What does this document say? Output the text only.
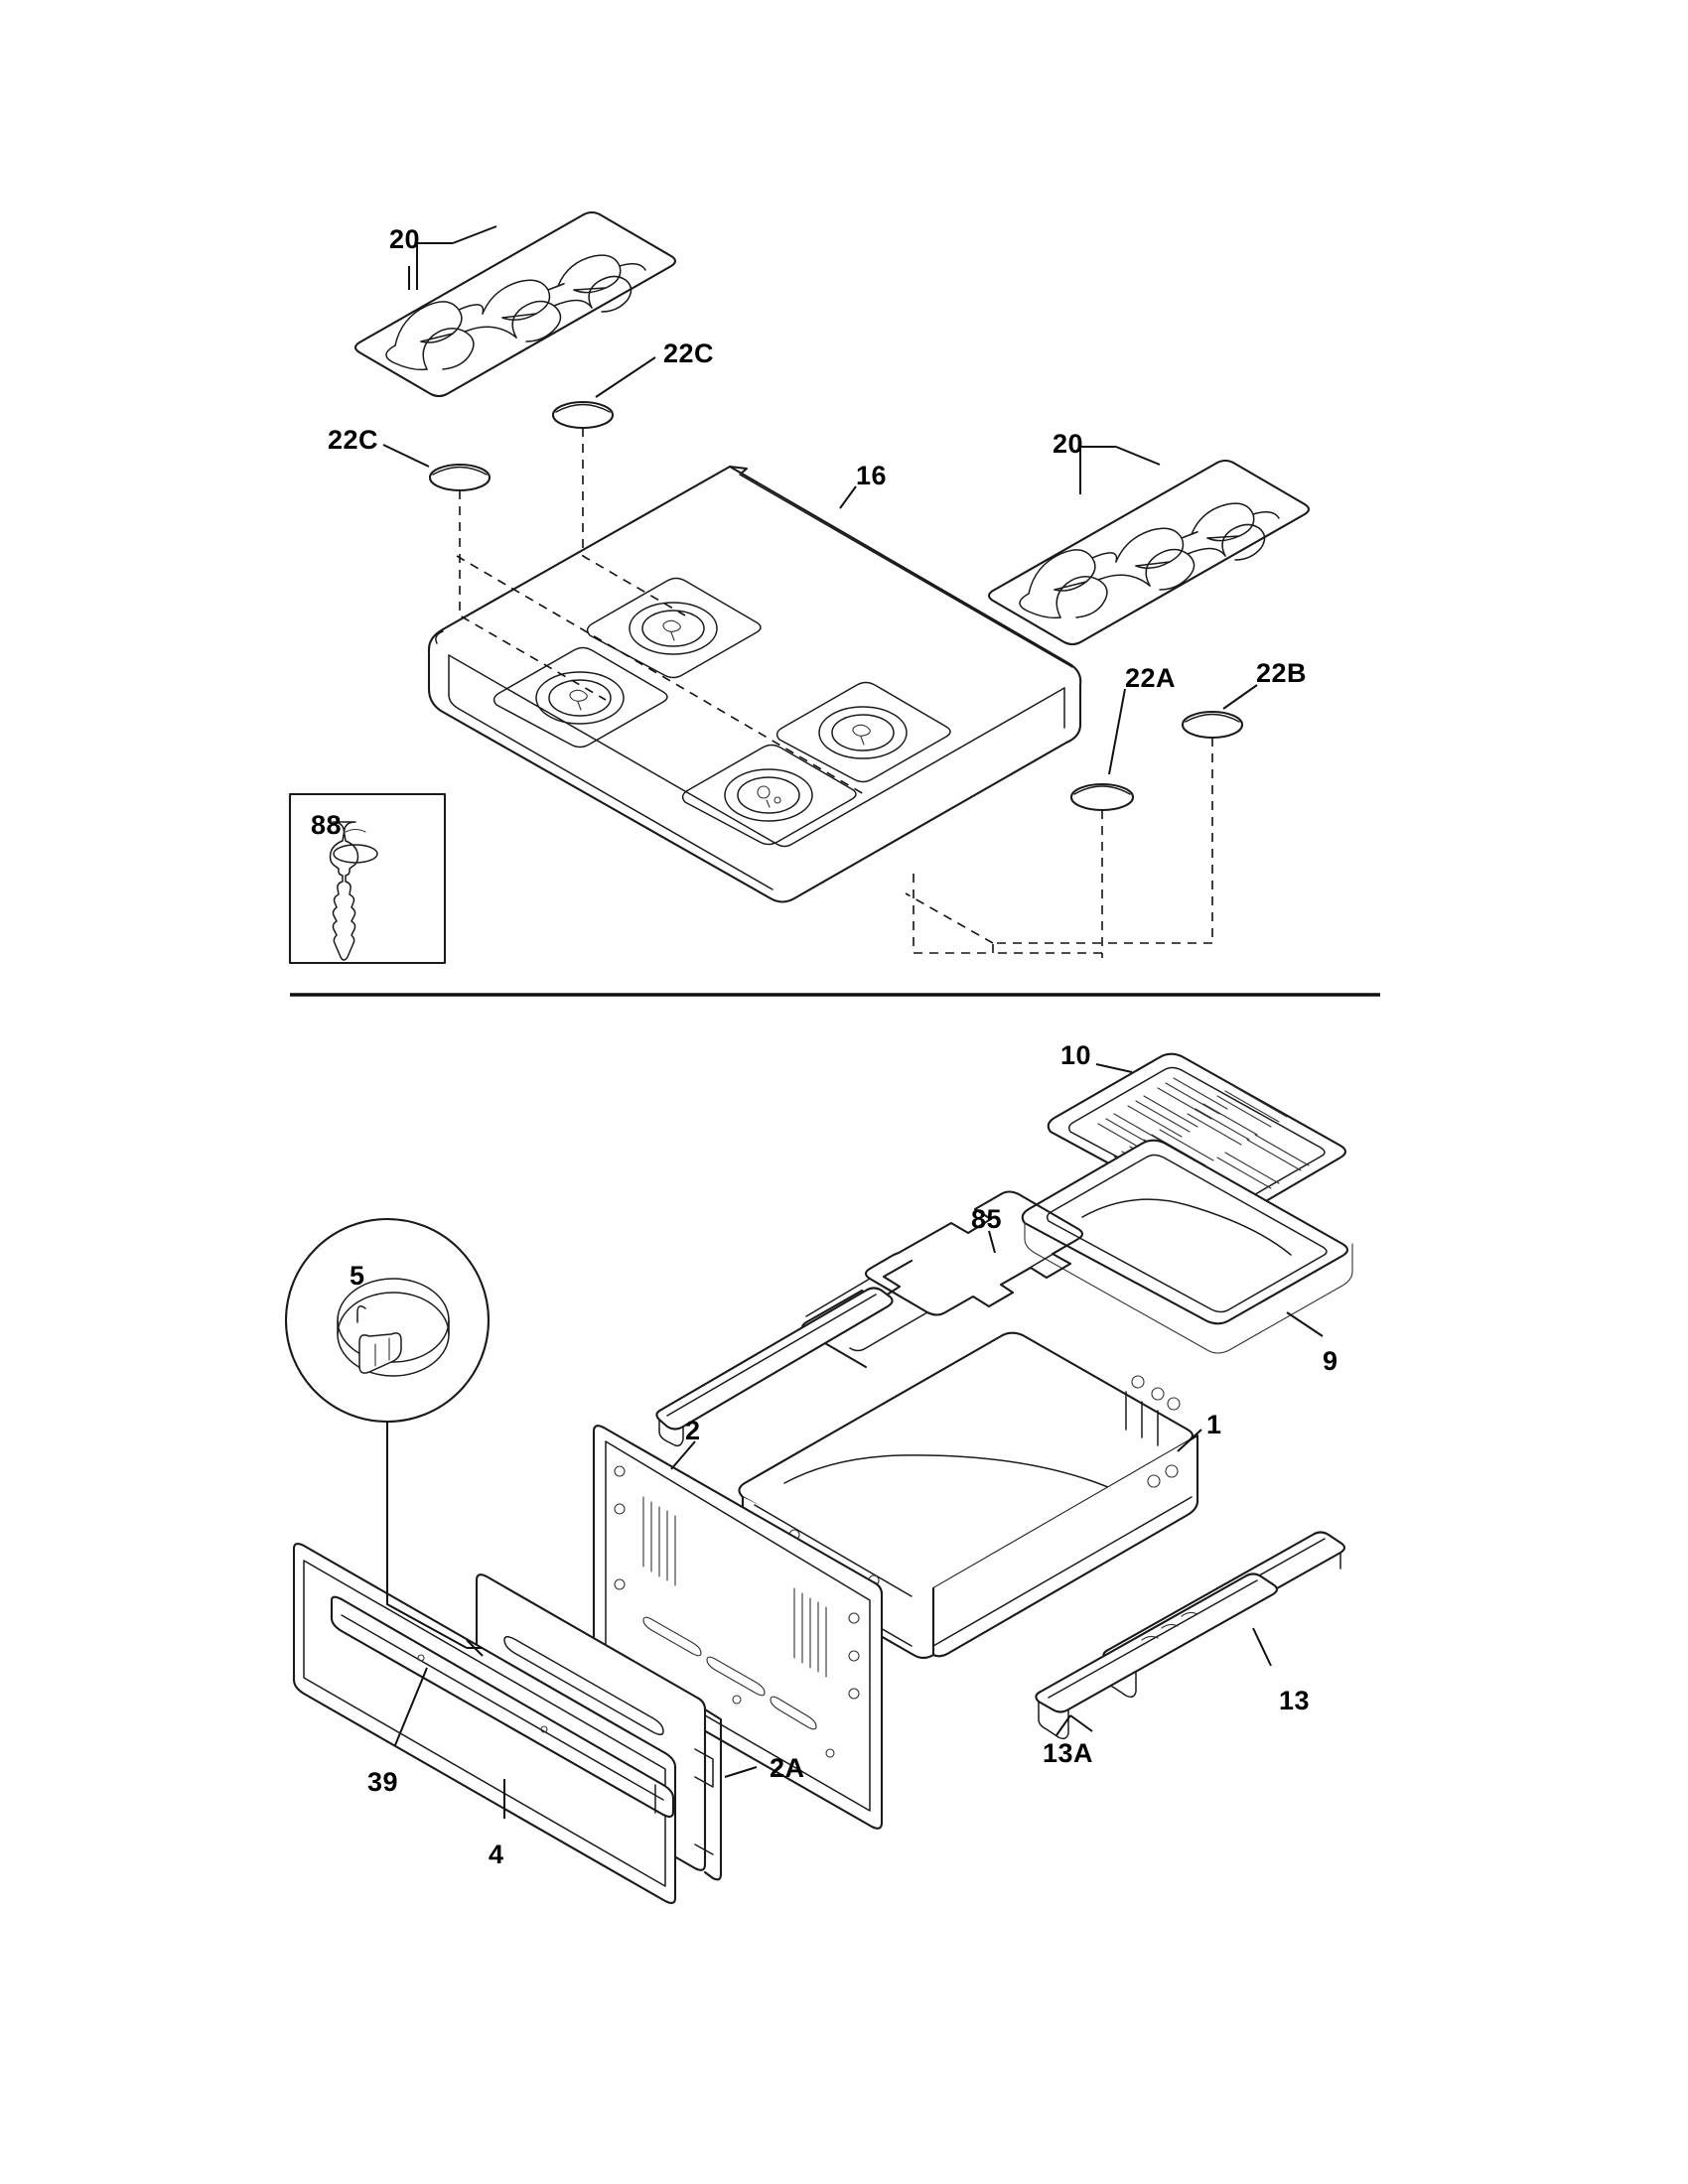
20
22C
22C
16
20
22A	22B
88
10
85
9
1
5
2
2A
13
13A
39
4
